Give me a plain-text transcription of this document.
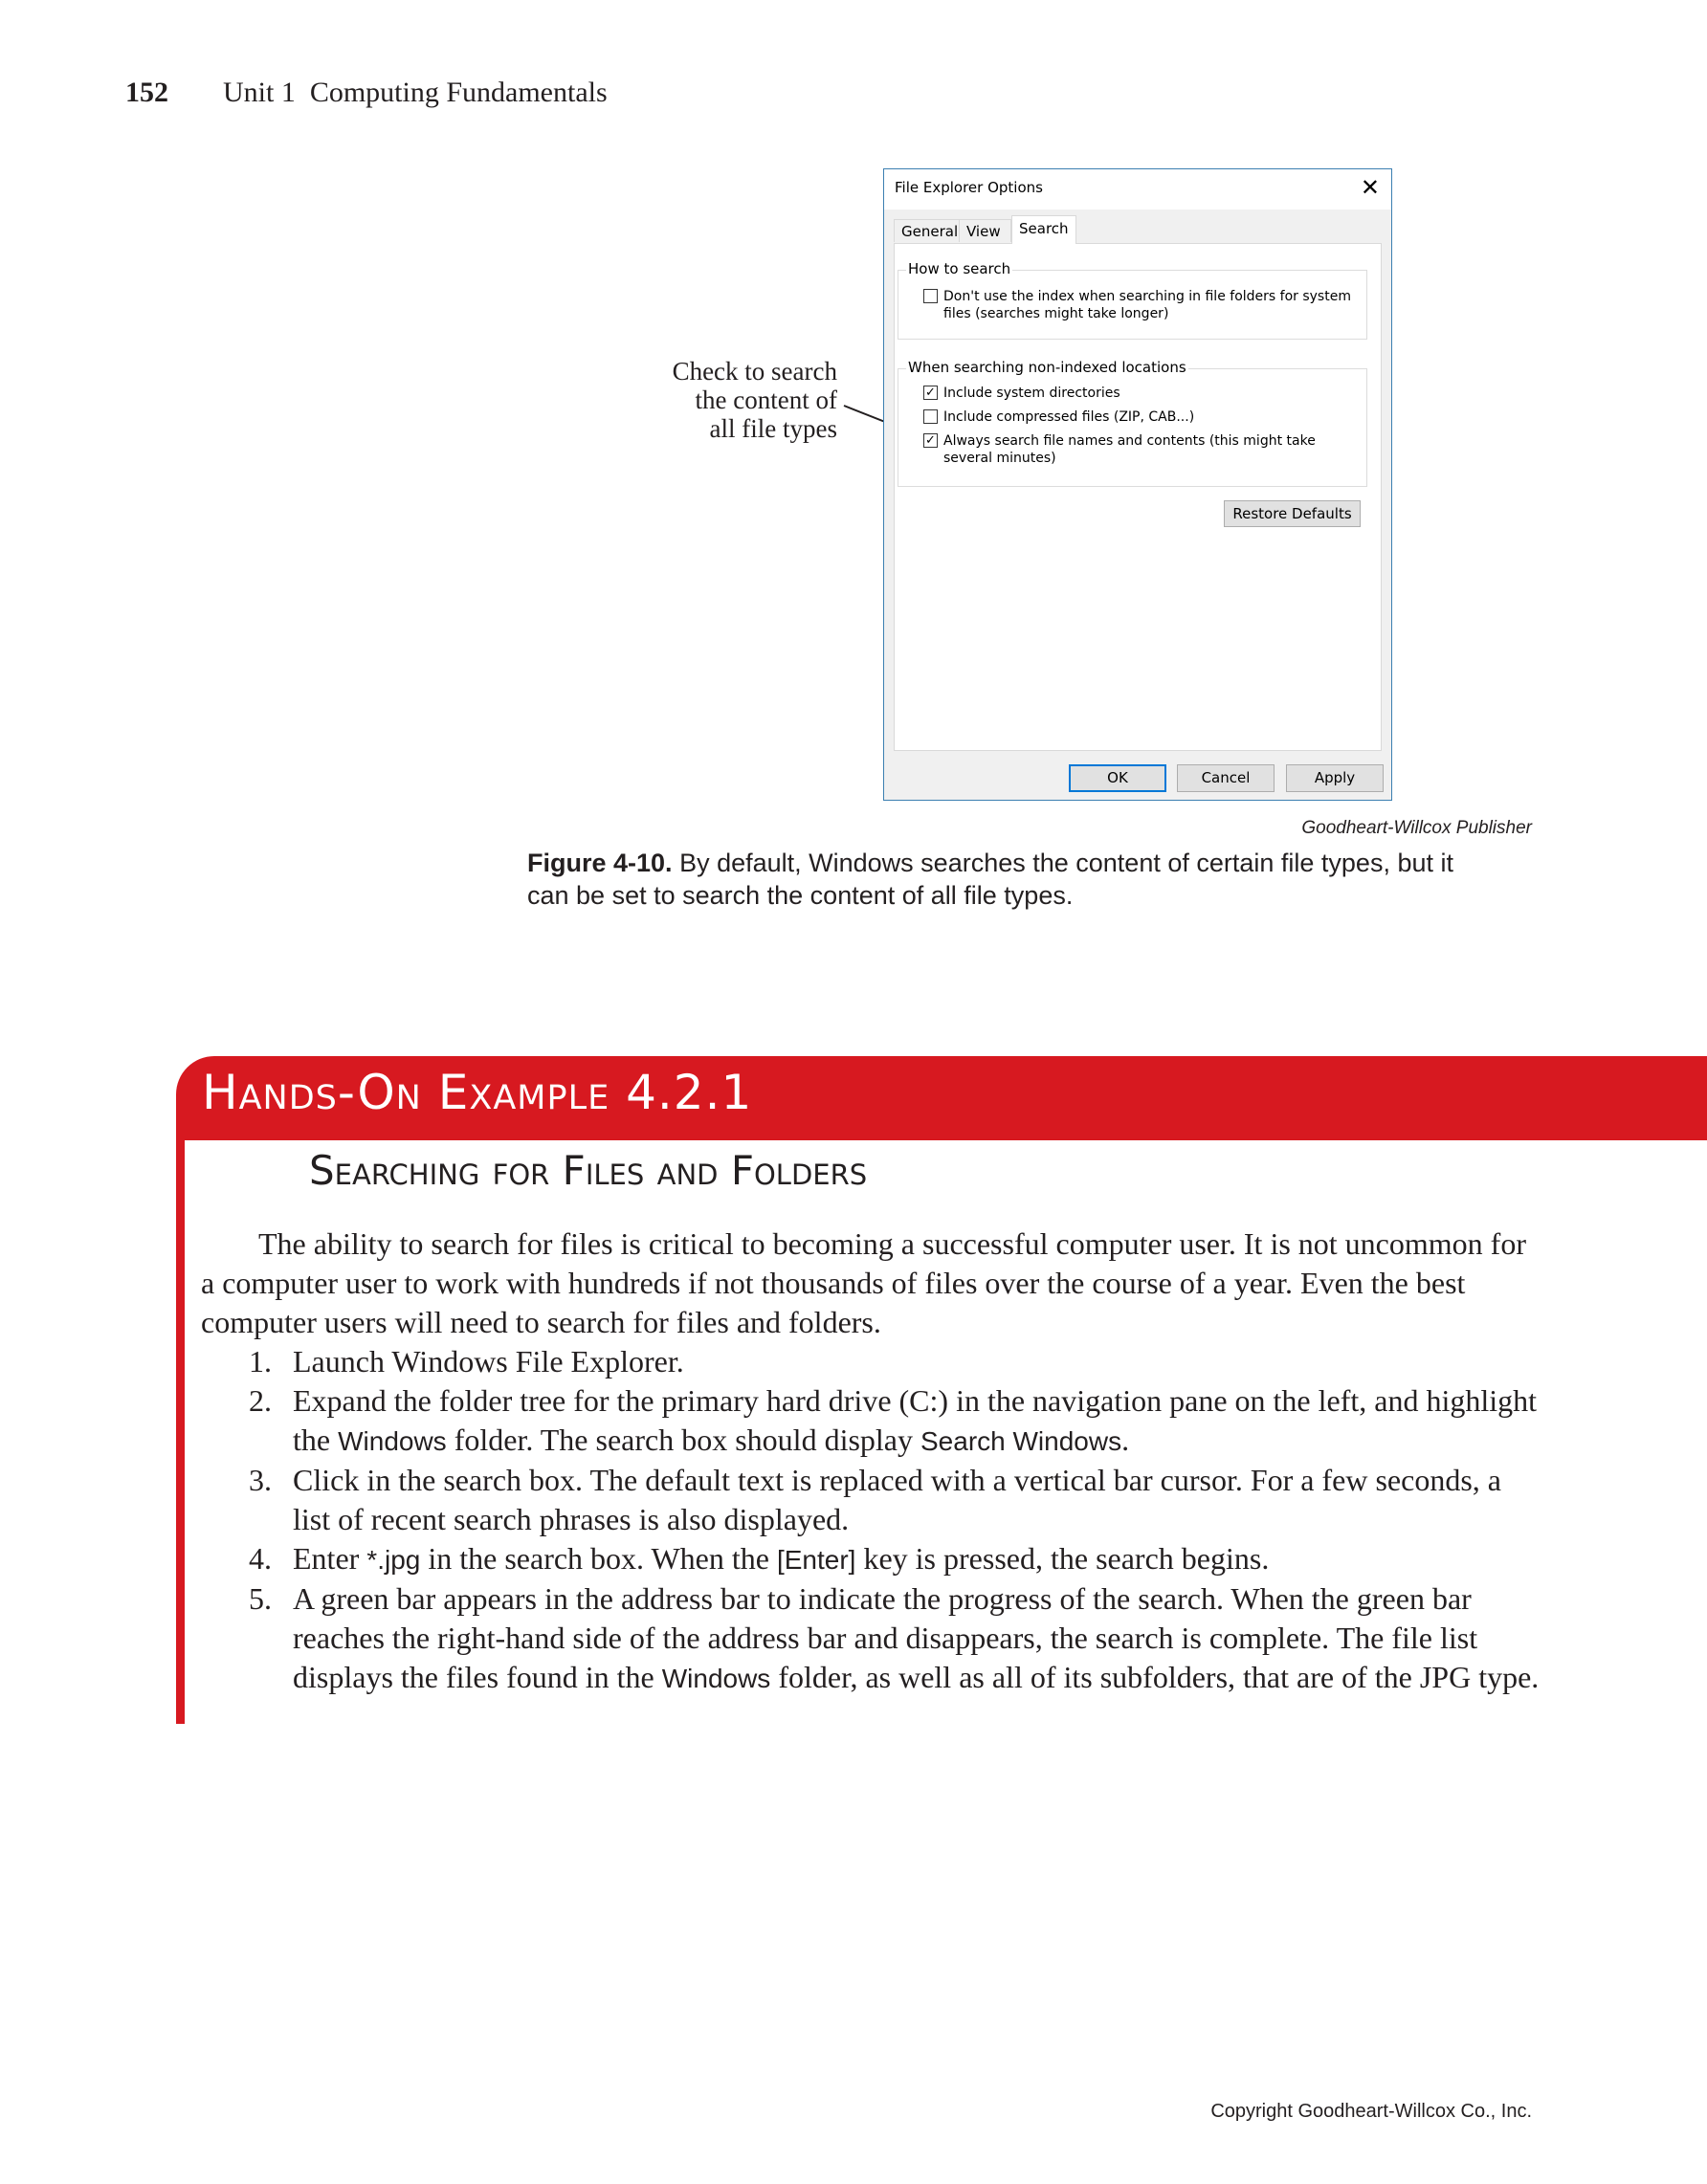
152 Unit 1  Computing Fundamentals
Check to search
the content of
all file types
File Explorer Options	✕
General View	Search
How to search
Don't use the index when searching in file folders for system
files (searches might take longer)
When searching non-indexed locations
✓ Include system directories
Include compressed files (ZIP, CAB...)
✓ Always search file names and contents (this might take
several minutes)
Restore Defaults
OK	Cancel	Apply
Goodheart-Willcox Publisher
Figure 4-10. By default, Windows searches the content of certain file types, but it
can be set to search the content of all file types.
Hands-On Example 4.2.1
Searching for Files and Folders
The ability to search for files is critical to becoming a successful computer user. It is not uncommon for a computer user to work with hundreds if not thousands of files over the course of a year. Even the best computer users will need to search for files and folders.
1. Launch Windows File Explorer.
2. Expand the folder tree for the primary hard drive (C:) in the navigation pane on the left, and highlight the Windows folder. The search box should display Search Windows.
3. Click in the search box. The default text is replaced with a vertical bar cursor. For a few seconds, a list of recent search phrases is also displayed.
4. Enter *.jpg in the search box. When the [Enter] key is pressed, the search begins.
5. A green bar appears in the address bar to indicate the progress of the search. When the green bar reaches the right-hand side of the address bar and disappears, the search is complete. The file list displays the files found in the Windows folder, as well as all of its subfolders, that are of the JPG type.
Copyright Goodheart-Willcox Co., Inc.
